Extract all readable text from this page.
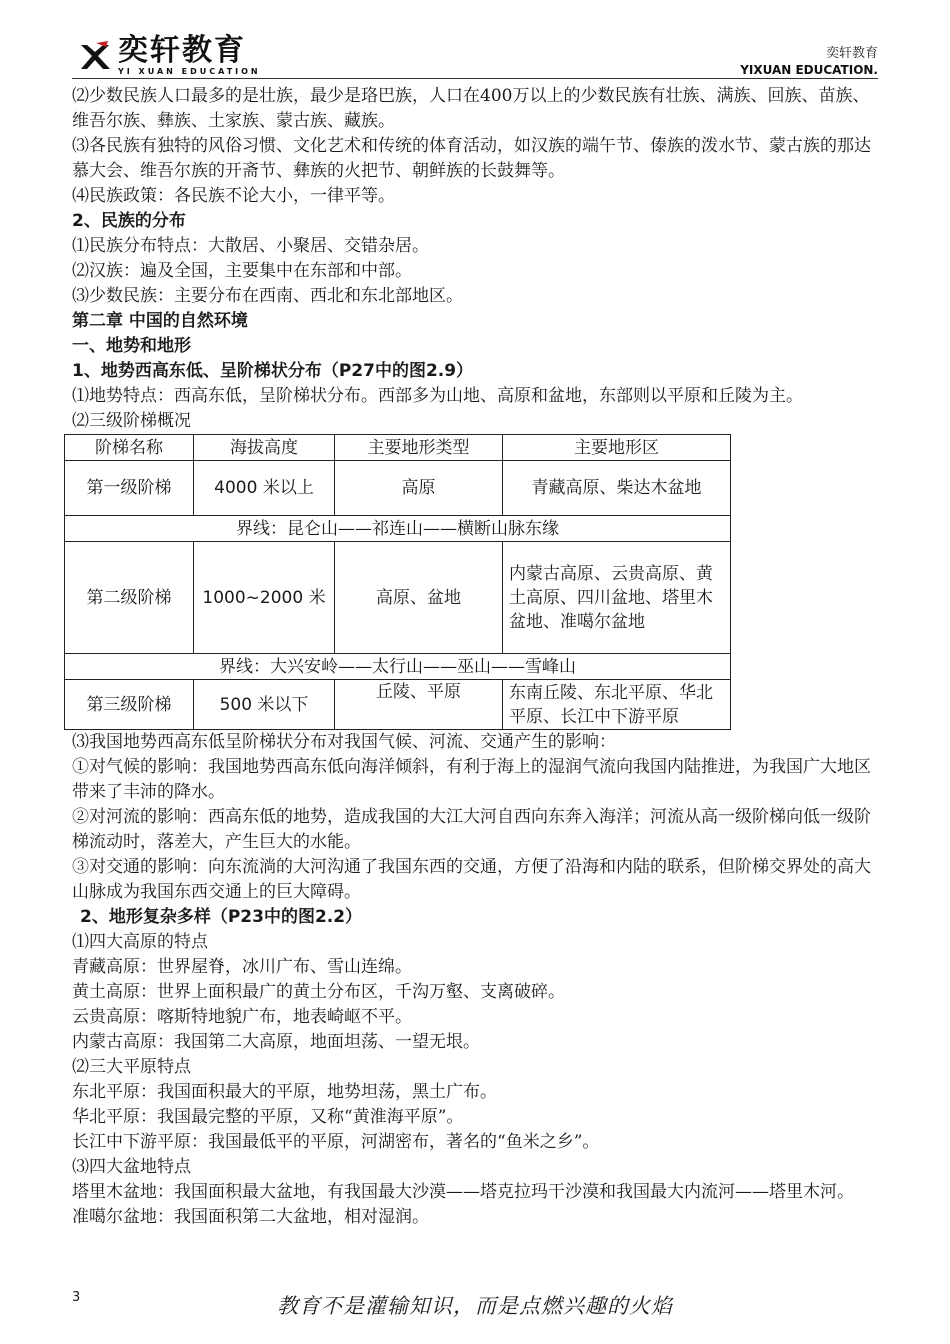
奕轩教育
YI XUAN EDUCATION
奕轩教育
YIXUAN EDUCATION.

⑵少数民族人口最多的是壮族，最少是珞巴族，人口在400万以上的少数民族有壮族、满族、回族、苗族、维吾尔族、彝族、土家族、蒙古族、藏族。

⑶各民族有独特的风俗习惯、文化艺术和传统的体育活动，如汉族的端午节、傣族的泼水节、蒙古族的那达慕大会、维吾尔族的开斋节、彝族的火把节、朝鲜族的长鼓舞等。

⑷民族政策：各民族不论大小，一律平等。

2、民族的分布

⑴民族分布特点：大散居、小聚居、交错杂居。

⑵汉族：遍及全国，主要集中在东部和中部。

⑶少数民族：主要分布在西南、西北和东北部地区。

第二章 中国的自然环境

一、地势和地形

1、地势西高东低、呈阶梯状分布（P27中的图2.9）

⑴地势特点：西高东低，呈阶梯状分布。西部多为山地、高原和盆地，东部则以平原和丘陵为主。

⑵三级阶梯概况

阶梯名称	海拔高度	主要地形类型	主要地形区
第一级阶梯	4000 米以上	高原	青藏高原、柴达木盆地
界线：昆仑山——祁连山——横断山脉东缘			
第二级阶梯	1000~2000 米	高原、盆地	内蒙古高原、云贵高原、黄土高原、四川盆地、塔里木盆地、准噶尔盆地
界线：大兴安岭——太行山——巫山——雪峰山			
第三级阶梯	500 米以下	丘陵、平原	东南丘陵、东北平原、华北平原、长江中下游平原

⑶我国地势西高东低呈阶梯状分布对我国气候、河流、交通产生的影响：

①对气候的影响：我国地势西高东低向海洋倾斜，有利于海上的湿润气流向我国内陆推进，为我国广大地区带来了丰沛的降水。

②对河流的影响：西高东低的地势，造成我国的大江大河自西向东奔入海洋；河流从高一级阶梯向低一级阶梯流动时，落差大，产生巨大的水能。

③对交通的影响：向东流淌的大河沟通了我国东西的交通，方便了沿海和内陆的联系，但阶梯交界处的高大山脉成为我国东西交通上的巨大障碍。

2、地形复杂多样（P23中的图2.2）

⑴四大高原的特点

青藏高原：世界屋脊，冰川广布、雪山连绵。

黄土高原：世界上面积最广的黄土分布区，千沟万壑、支离破碎。

云贵高原：喀斯特地貌广布，地表崎岖不平。

内蒙古高原：我国第二大高原，地面坦荡、一望无垠。

⑵三大平原特点

东北平原：我国面积最大的平原，地势坦荡，黑土广布。

华北平原：我国最完整的平原，又称“黄淮海平原”。

长江中下游平原：我国最低平的平原，河湖密布，著名的“鱼米之乡”。

⑶四大盆地特点

塔里木盆地：我国面积最大盆地，有我国最大沙漠——塔克拉玛干沙漠和我国最大内流河——塔里木河。

准噶尔盆地：我国面积第二大盆地，相对湿润。

3	教育不是灌输知识，而是点燃兴趣的火焰
